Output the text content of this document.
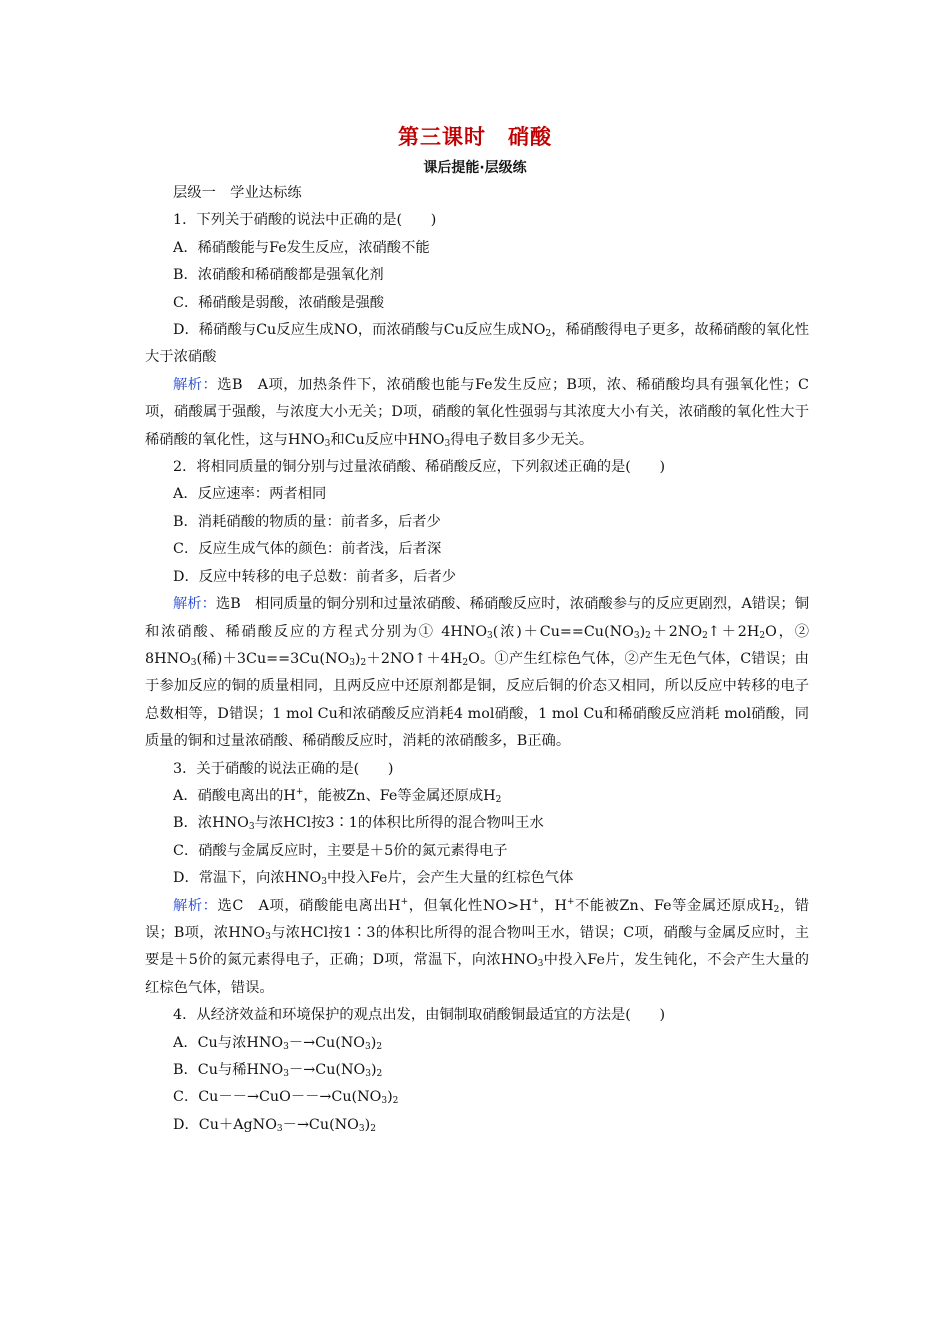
第三课时　硝酸
课后提能·层级练
层级一　学业达标练
1．下列关于硝酸的说法中正确的是(　　)
A．稀硝酸能与Fe发生反应，浓硝酸不能
B．浓硝酸和稀硝酸都是强氧化剂
C．稀硝酸是弱酸，浓硝酸是强酸
D．稀硝酸与Cu反应生成NO，而浓硝酸与Cu反应生成$NO_2$，稀硝酸得电子更多，故稀硝酸的氧化性大于浓硝酸
解析：选B　A项，加热条件下，浓硝酸也能与Fe发生反应；B项，浓、稀硝酸均具有强氧化性；C项，硝酸属于强酸，与浓度大小无关；D项，硝酸的氧化性强弱与其浓度大小有关，浓硝酸的氧化性大于稀硝酸的氧化性，这与$HNO_3$和Cu反应中$HNO_3$得电子数目多少无关。
2．将相同质量的铜分别与过量浓硝酸、稀硝酸反应，下列叙述正确的是(　　)
A．反应速率：两者相同
B．消耗硝酸的物质的量：前者多，后者少
C．反应生成气体的颜色：前者浅，后者深
D．反应中转移的电子总数：前者多，后者少
解析：选B　相同质量的铜分别和过量浓硝酸、稀硝酸反应时，浓硝酸参与的反应更剧烈，A错误；铜和浓硝酸、稀硝酸反应的方程式分别为① $4HNO_3$(浓)$+Cu==Cu(NO_3)_2+2NO_2↑+2H_2O$，② $8HNO_3$(稀)$+3Cu==3Cu(NO_3)_2+2NO↑+4H_2O$。①产生红棕色气体，②产生无色气体，C错误；由于参加反应的铜的质量相同，且两反应中还原剂都是铜，反应后铜的价态又相同，所以反应中转移的电子总数相等，D错误；1 mol Cu和浓硝酸反应消耗4 mol硝酸，1 mol Cu和稀硝酸反应消耗 mol硝酸，同质量的铜和过量浓硝酸、稀硝酸反应时，消耗的浓硝酸多，B正确。
3．关于硝酸的说法正确的是(　　)
A．硝酸电离出的H+，能被Zn、Fe等金属还原成$H_2$
B．浓$HNO_3$与浓HCl按3∶1的体积比所得的混合物叫王水
C．硝酸与金属反应时，主要是＋5价的氮元素得电子
D．常温下，向浓$HNO_3$中投入Fe片，会产生大量的红棕色气体
解析：选C　A项，硝酸能电离出H+，但氧化性NO>H+，H+不能被Zn、Fe等金属还原成$H_2$，错误；B项，浓$HNO_3$与浓HCl按1∶3的体积比所得的混合物叫王水，错误；C项，硝酸与金属反应时，主要是＋5价的氮元素得电子，正确；D项，常温下，向浓$HNO_3$中投入Fe片，发生钝化，不会产生大量的红棕色气体，错误。
4．从经济效益和环境保护的观点出发，由铜制取硝酸铜最适宜的方法是(　　)
A．Cu与浓$HNO_3-\to Cu(NO_3)_2$
B．Cu与稀$HNO_3-\to Cu(NO_3)_2$
C．$Cu--\to CuO--\to Cu(NO_3)_2$
D．$Cu+AgNO_3-\to Cu(NO_3)_2$
